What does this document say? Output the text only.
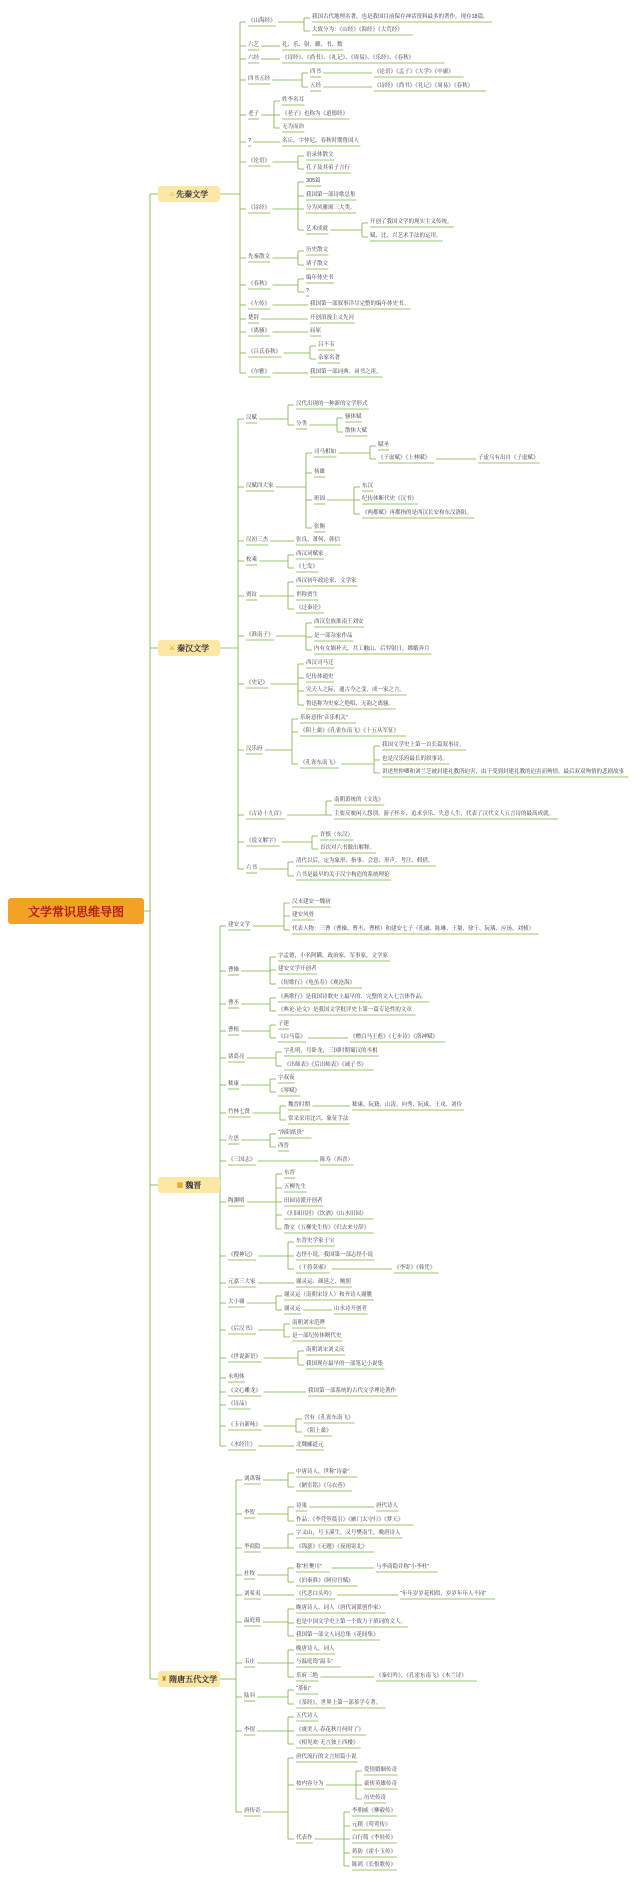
文学常识思维导图
⌂ 先秦文学
《山海经》
我国古代地理名著，也是我国目前保存神话资料最多的著作，现存18篇。
大致分为：《山经》《海经》《大荒经》
六艺	礼、乐、射、御、书、数
六经	《诗经》、《尚书》、《礼记》、《周易》、《乐经》、《春秋》
四书五经
四书	《论语》《孟子》《大学》《中庸》
五经	《诗经》《尚书》《礼记》《周易》《春秋》
老子
姓李名耳
《老子》也称为《道德经》
无为而治
?	名丘，字仲尼，春秋时期鲁国人
《论语》
语录体散文
孔子及其弟子言行
《诗经》
305篇
我国第一部诗歌总集
分为风雅颂三大类。
艺术成就
开创了我国文学的现实主义传统。
赋、比、兴艺术手法的运用。
先秦散文
历史散文
诸子散文
《春秋》
编年体史书
?
《左传》	我国第一部叙事详尽完整的编年体史书。
楚辞	开创浪漫主义先河
《离骚》	屈原
《吕氏春秋》
吕不韦
杂家名著
《尔雅》	我国第一部词典、词书之祖。
⚔ 秦汉文学
汉赋
汉代出现的一种新的文学形式
分类
骚体赋
散体大赋
汉赋四大家
司马相如
賦圣
《子虚赋》《上林赋》	子虚乌有出自《子虚赋》
扬雄
班固
东汉
纪传体断代史《汉书》
《两都赋》再都指的是西汉长安和东汉洛阳。
张衡
汉初三杰	张良、萧何、韩信
枚乘
西汉词赋家
《七发》
贾谊
西汉初年政论家、文学家
世称贾生
《过秦论》
《淮南子》
西汉皇族淮南王刘安
是一部杂家作品
内有女娲补天、共工触山、后羿射日、嫦娥奔月
《史记》
西汉司马迁
纪传体通史
究天人之际，通古今之变，成一家之言。
鲁迅称为史家之绝唱，无韵之离骚。
汉乐府
乐府意指“音乐机关”
《陌上桑》《孔雀东南飞》《十五从军征》
《孔雀东南飞》
我国文学史上第一首长篇叙事诗。
也是汉乐府最长的叙事诗。
讲述焦仲卿和刘兰芝被封建礼教所迫害，由于受到封建礼教的迫害而殉情。最后双双殉情的悲剧故事
《古诗十九首》
南朝萧统的《文选》
主要反映闲人怨别、游子怀乡、追求享乐、失意人生，代表了汉代文人五言诗的最高成就。
《说文解字》
许慎（东汉）
首次对六书做出解释。
六书
清代以后，定为象形、指事、会意、形声、考注、假借。
六书是最早的关于汉字构造的系统理论
▦ 魏晋
建安文学
汉末建安一魏初
建安风骨
代表人物：三曹（曹操、曹丕、曹植）和建安七子（孔融、陈琳、王粲、徐干、阮瑀、应玚、刘桢）
曹操
字孟德，小名阿瞒，政治家，军事家，文学家
建安文学开创者
《短歌行》《龟虽寿》《观沧海》
曹丕
《燕歌行》是我国诗歌史上最早的、完整的文人七言体作品。
《典论·论文》是我国文学批评史上第一篇专论性的文章
曹植
子建
《白马篇》	《赠白马王彪》《七步诗》《洛神赋》
诸葛亮
字孔明，号卧龙，三国时期蜀汉的丞相
《出师表》《后出师表》《诫子书》
嵇康
字叔夜
《琴赋》
竹林七贤
魏晋时期	嵇康、阮籍、山涛、向秀、阮咸、王戎、刘伶
常采采用比兴、象征手法
左思
“洛阳纸贵”
西晋
《三国志》	陈寿（西晋）
陶渊明
东晋
五柳先生
田园诗派开创者
《归园田居》《饮酒》《山水田园》
散文《五柳先生传》《归去来兮辞》
《搜神记》
东晋史学家干宝
志怪小说，我国第一部志怪小说
《干将莫邪》	《李寄》《韩凭》
元嘉三大家	谢灵运、颜延之、鲍照
大小谢
谢灵运（南朝宋诗人）和齐诗人谢朓
谢灵运	山水诗开创者
《后汉书》
南朝刘宋范晔
是一部纪传体断代史
《世说新语》
南朝刘宋刘义庆
我国现存最早的一部笔记小说集
永明体
《文心雕龙》	我国第一部系统的古代文学理论著作
《诗品》
《玉台新咏》
含有《孔雀东南飞》
《陌上桑》
《水经注》	北魏郦道元
♜ 隋唐五代文学
刘禹锡
中唐诗人，世称“诗豪”
《陋室铭》《乌衣巷》
李贺
诗鬼	唐代诗人
作品：《李凭箜篌引》《雁门太守行》《梦天》
李商隐
字义山，号玉溪生，又号樊南生，晚唐诗人
《锦瑟》《无题》《夜雨寄北》
杜牧
称“杜樊川”	与李商隐并称“小李杜”
《泊秦淮》《阿房宫赋》
刘希夷	《代悲白头吟》	“年年岁岁花相似，岁岁年年人不同”
温庭筠
晚唐诗人、词人（唐代词派创作家）
也是中国文学史上第一个致力于填词的文人。
我国第一部文人词总集《花间集》
韦庄
晚唐诗人，词人
与温庭筠“温韦”
乐府三绝	《秦妇吟》、《孔雀东南飞》《木兰诗》
陆羽
“茶仙”
《茶经》，世界上第一部茶学专著。
李煜
五代诗人
《虞美人·春花秋月何时了》
《相见欢·无言独上西楼》
唐传奇
唐代流行的文言短篇小说
按内容分为
爱情婚姻传奇
豪侠英雄传奇
历史传奇
代表作
李朝威《柳毅传》
元稹《莺莺传》
白行简《李娃传》
蒋防《霍小玉传》
陈鸿《长恨歌传》
